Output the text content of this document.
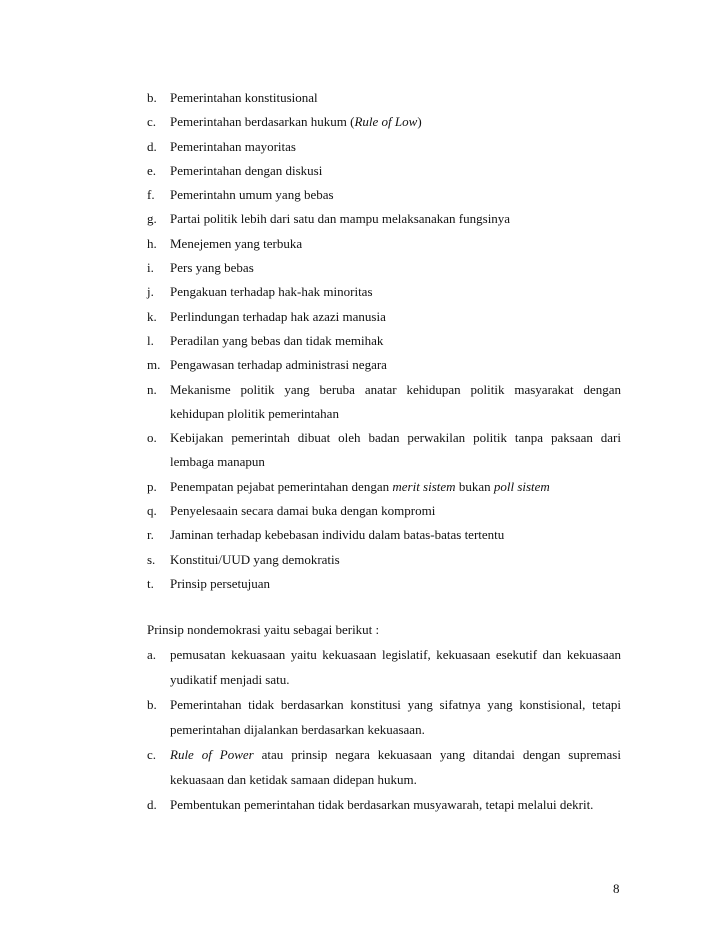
b. Pemerintahan konstitusional
c. Pemerintahan berdasarkan hukum (Rule of Low)
d. Pemerintahan mayoritas
e. Pemerintahan dengan diskusi
f. Pemerintahn umum yang bebas
g. Partai politik lebih dari satu dan mampu melaksanakan fungsinya
h. Menejemen yang terbuka
i. Pers yang bebas
j. Pengakuan terhadap hak-hak minoritas
k. Perlindungan terhadap hak azazi manusia
l. Peradilan yang bebas dan tidak memihak
m. Pengawasan terhadap administrasi negara
n. Mekanisme politik yang beruba anatar kehidupan politik masyarakat dengan kehidupan plolitik pemerintahan
o. Kebijakan pemerintah dibuat oleh badan perwakilan politik tanpa paksaan dari lembaga manapun
p. Penempatan pejabat pemerintahan dengan merit sistem bukan poll sistem
q. Penyelesaain secara damai buka dengan kompromi
r. Jaminan terhadap kebebasan individu dalam batas-batas tertentu
s. Konstitui/UUD yang demokratis
t. Prinsip persetujuan
Prinsip nondemokrasi yaitu sebagai berikut :
a. pemusatan kekuasaan yaitu kekuasaan legislatif, kekuasaan esekutif dan kekuasaan yudikatif menjadi satu.
b. Pemerintahan tidak berdasarkan konstitusi yang sifatnya yang konstisional, tetapi pemerintahan dijalankan berdasarkan kekuasaan.
c. Rule of Power atau prinsip negara kekuasaan yang ditandai dengan supremasi kekuasaan dan ketidak samaan didepan hukum.
d. Pembentukan pemerintahan tidak berdasarkan musyawarah, tetapi melalui dekrit.
8
